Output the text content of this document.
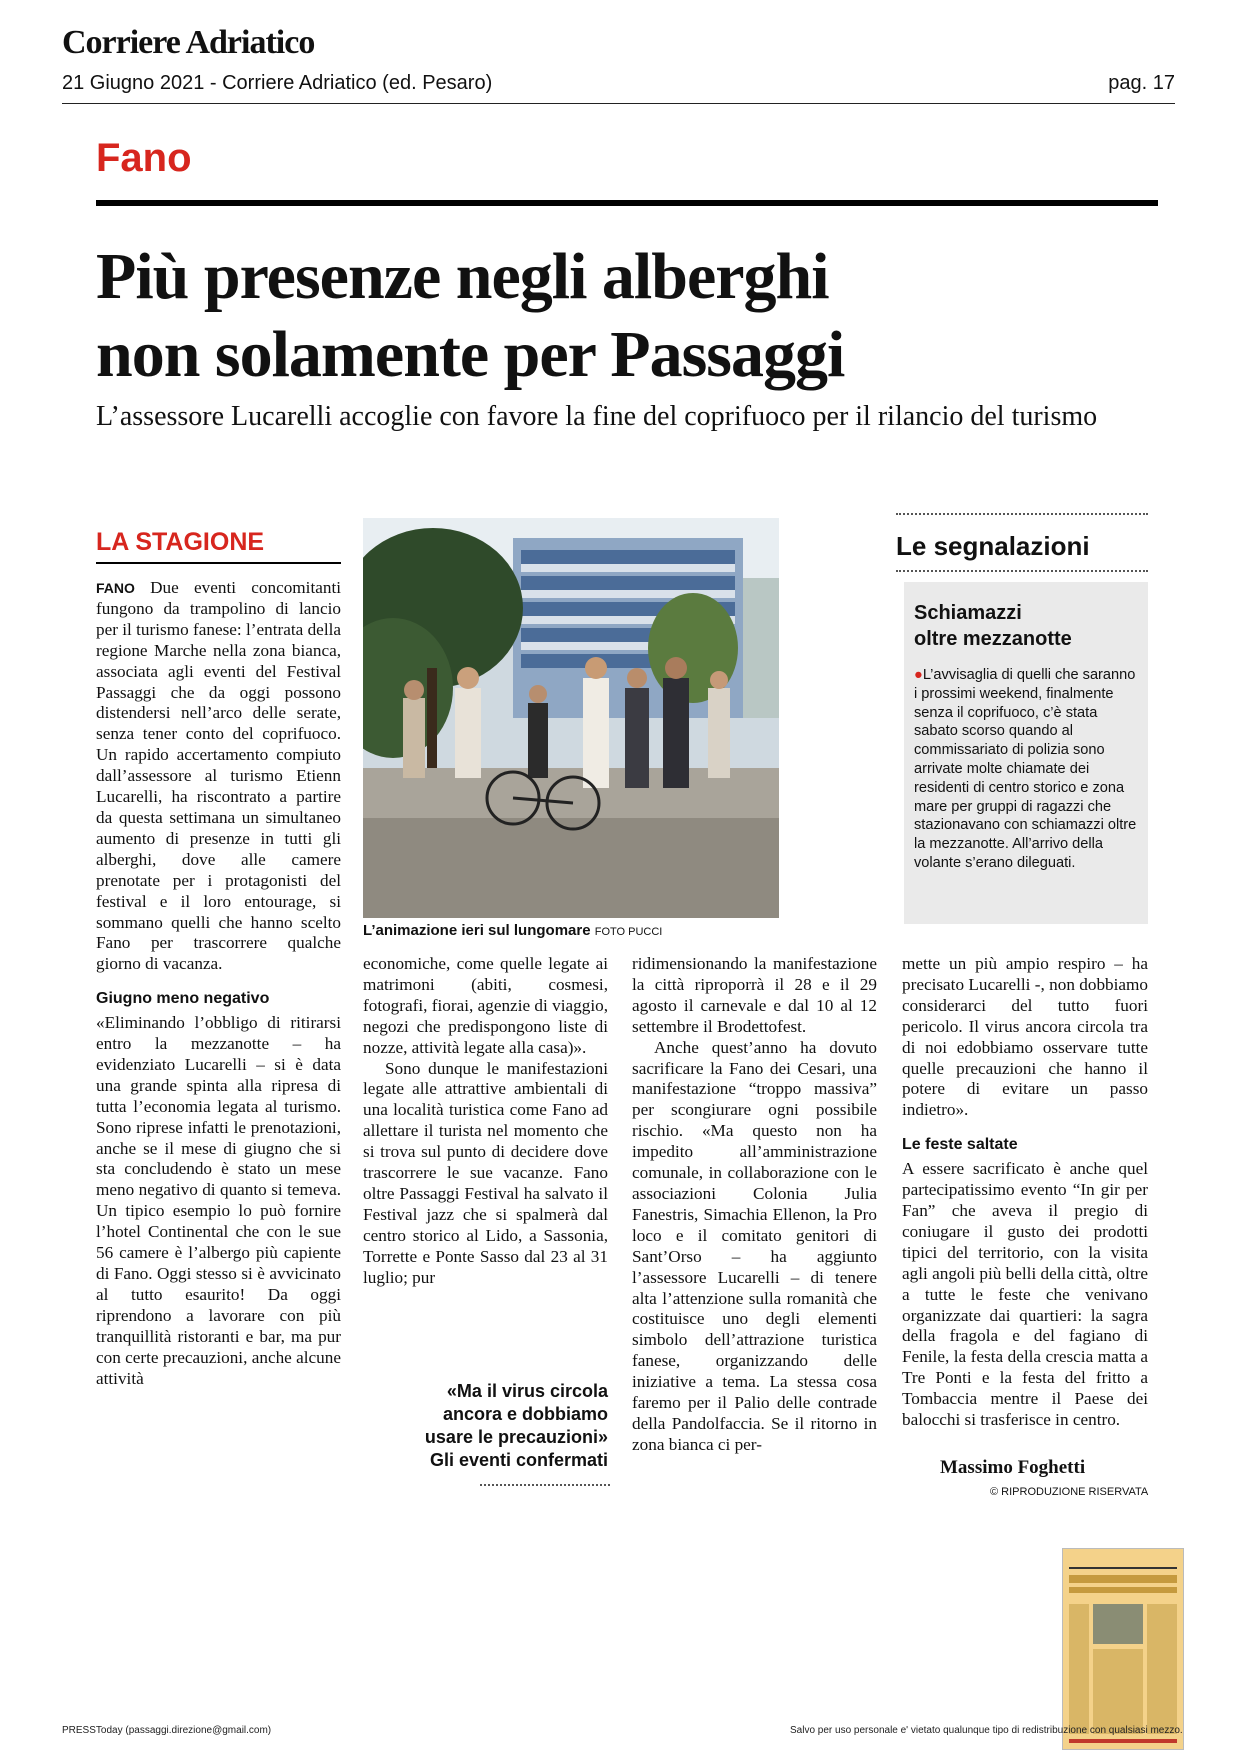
Corriere Adriatico
21 Giugno 2021 - Corriere Adriatico (ed. Pesaro)	pag. 17
Fano
Più presenze negli alberghi
non solamente per Passaggi
L’assessore Lucarelli accoglie con favore la fine del coprifuoco per il rilancio del turismo
LA STAGIONE

FANO Due eventi concomitanti fungono da trampolino di lancio per il turismo fanese: l’entrata della regione Marche nella zona bianca, associata agli eventi del Festival Passaggi che da oggi possono distendersi nell’arco delle serate, senza tener conto del coprifuoco. Un rapido accertamento compiuto dall’assessore al turismo Etienn Lucarelli, ha riscontrato a partire da questa settimana un simultaneo aumento di presenze in tutti gli alberghi, dove alle camere prenotate per i protagonisti del festival e il loro entourage, si sommano quelli che hanno scelto Fano per trascorrere qualche giorno di vacanza.

Giugno meno negativo

«Eliminando l’obbligo di ritirarsi entro la mezzanotte – ha evidenziato Lucarelli – si è data una grande spinta alla ripresa di tutta l’economia legata al turismo. Sono riprese infatti le prenotazioni, anche se il mese di giugno che si sta concludendo è stato un mese meno negativo di quanto si temeva. Un tipico esempio lo può fornire l’hotel Continental che con le sue 56 camere è l’albergo più capiente di Fano. Oggi stesso si è avvicinato al tutto esaurito! Da oggi riprendono a lavorare con più tranquillità ristoranti e bar, ma pur con certe precauzioni, anche alcune attività

L’animazione ieri sul lungomare FOTO PUCCI

economiche, come quelle legate ai matrimoni (abiti, cosmesi, fotografi, fiorai, agenzie di viaggio, negozi che predispongono liste di nozze, attività legate alla casa)».

Sono dunque le manifestazioni legate alle attrattive ambientali di una località turistica come Fano ad allettare il turista nel momento che si trova sul punto di decidere dove trascorrere le sue vacanze. Fano oltre Passaggi Festival ha salvato il Festival jazz che si spalmerà dal centro storico al Lido, a Sassonia, Torrette e Ponte Sasso dal 23 al 31 luglio; pur

«Ma il virus circola
ancora e dobbiamo
usare le precauzioni»
Gli eventi confermati

ridimensionando la manifestazione la città riproporrà il 28 e il 29 agosto il carnevale e dal 10 al 12 settembre il Brodettofest.

Anche quest’anno ha dovuto sacrificare la Fano dei Cesari, una manifestazione “troppo massiva” per scongiurare ogni possibile rischio. «Ma questo non ha impedito all’amministrazione comunale, in collaborazione con le associazioni Colonia Julia Fanestris, Simachia Ellenon, la Pro loco e il comitato genitori di Sant’Orso – ha aggiunto l’assessore Lucarelli – di tenere alta l’attenzione sulla romanità che costituisce uno degli elementi simbolo dell’attrazione turistica fanese, organizzando delle iniziative a tema. La stessa cosa faremo per il Palio delle contrade della Pandolfaccia. Se il ritorno in zona bianca ci per-

Le segnalazioni
Schiamazzi
oltre mezzanotte
●L’avvisaglia di quelli che saranno i prossimi weekend, finalmente senza il coprifuoco, c’è stata sabato scorso quando al commissariato di polizia sono arrivate molte chiamate dei residenti di centro storico e zona mare per gruppi di ragazzi che stazionavano con schiamazzi oltre la mezzanotte. All’arrivo della volante s’erano dileguati.

mette un più ampio respiro – ha precisato Lucarelli -, non dobbiamo considerarci del tutto fuori pericolo. Il virus ancora circola tra di noi edobbiamo osservare tutte quelle precauzioni che hanno il potere di evitare un passo indietro».

Le feste saltate

A essere sacrificato è anche quel partecipatissimo evento “In gir per Fan” che aveva il pregio di coniugare il gusto dei prodotti tipici del territorio, con la visita agli angoli più belli della città, oltre a tutte le feste che venivano organizzate dai quartieri: la sagra della fragola e del fagiano di Fenile, la festa della crescia matta a Tre Ponti e la festa del fritto a Tombaccia mentre il Paese dei balocchi si trasferisce in centro.

Massimo Foghetti
© RIPRODUZIONE RISERVATA
PRESSToday (passaggi.direzione@gmail.com)	Salvo per uso personale e' vietato qualunque tipo di redistribuzione con qualsiasi mezzo.
